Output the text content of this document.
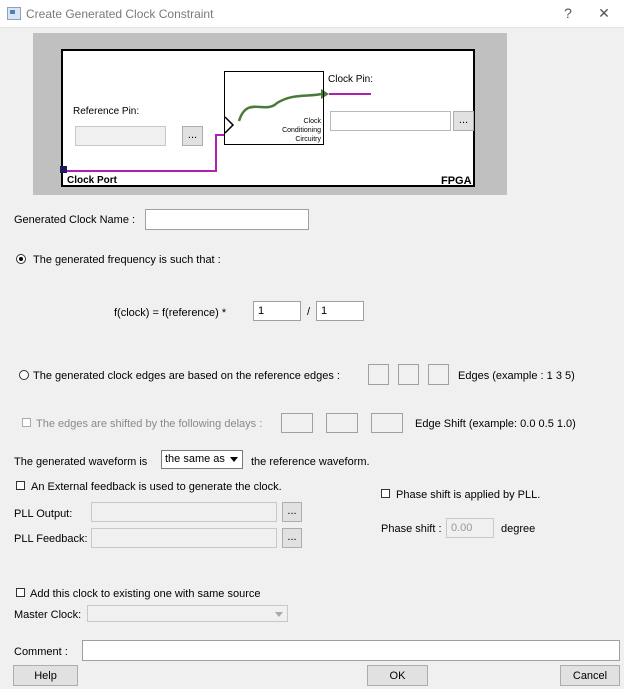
Create Generated Clock Constraint	?	✕
Clock
Conditioning
Circuitry
Clock Pin:
...
Reference Pin:
...
Clock Port	FPGA
Generated Clock Name :
The generated frequency is such that :
f(clock) = f(reference) *	1	/ 1
The generated clock edges are based on the reference edges :	Edges (example : 1 3 5)
The edges are shifted by the following delays :	Edge Shift (example: 0.0 0.5 1.0)
The generated waveform is	the same as	the reference waveform.
An External feedback is used to generate the clock.
PLL Output:	...
PLL Feedback:	...
Phase shift is applied by PLL.
Phase shift : 0.00	degree
Add this clock to existing one with same source
Master Clock:
Comment :
Help	OK	Cancel
